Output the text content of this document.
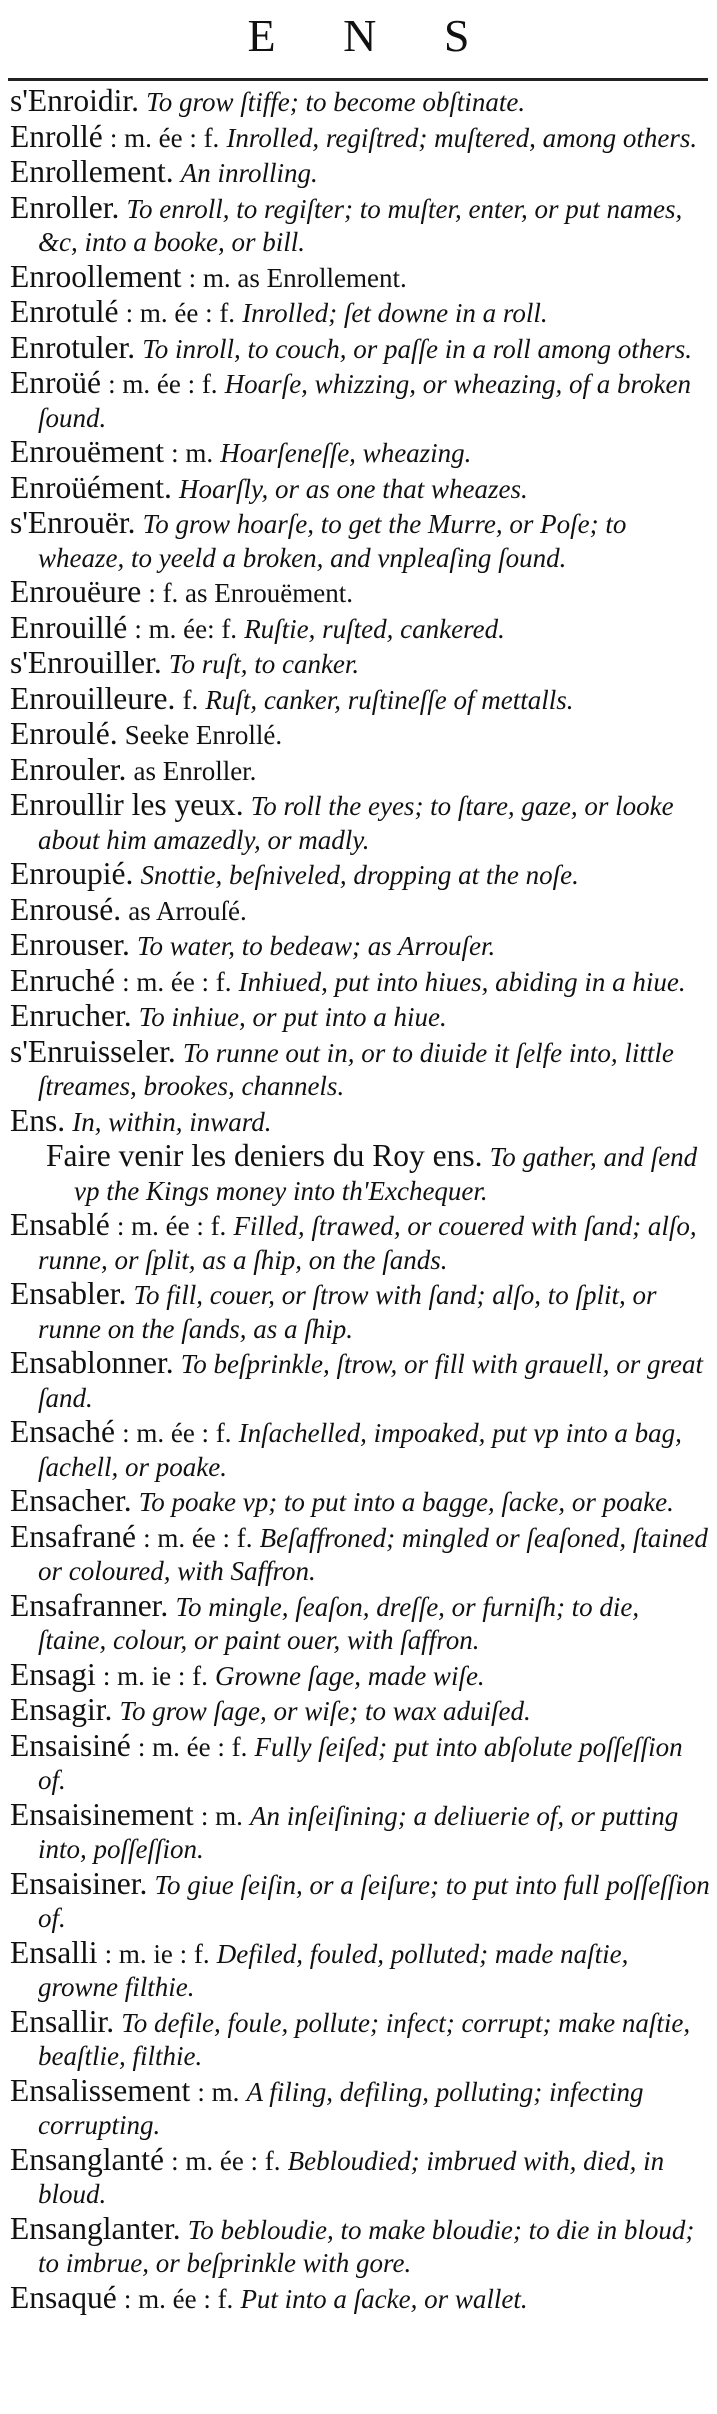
E N S

s'Enroidir. To grow ſtiffe; to become obſtinate.

Enrollé : m. ée : f. Inrolled, regiſtred; muſtered, among others.

Enrollement. An inrolling.

Enroller. To enroll, to regiſter; to muſter, enter, or put names, &c, into a booke, or bill.

Enroollement : m. as Enrollement.

Enrotulé : m. ée : f. Inrolled; ſet downe in a roll.

Enrotuler. To inroll, to couch, or paſſe in a roll among others.

Enroüé : m. ée : f. Hoarſe, whizzing, or wheazing, of a broken ſound.

Enrouëment : m. Hoarſeneſſe, wheazing.

Enroüément. Hoarſly, or as one that wheazes.

s'Enrouër. To grow hoarſe, to get the Murre, or Poſe; to wheaze, to yeeld a broken, and vnpleaſing ſound.

Enrouëure : f. as Enrouëment.

Enrouillé : m. ée: f. Ruſtie, ruſted, cankered.

s'Enrouiller. To ruſt, to canker.

Enrouilleure. f. Ruſt, canker, ruſtineſſe of mettalls.

Enroulé. Seeke Enrollé.

Enrouler. as Enroller.

Enroullir les yeux. To roll the eyes; to ſtare, gaze, or looke about him amazedly, or madly.

Enroupié. Snottie, beſniveled, dropping at the noſe.

Enrousé. as Arrouſé.

Enrouser. To water, to bedeaw; as Arrouſer.

Enruché : m. ée : f. Inhiued, put into hiues, abiding in a hiue.

Enrucher. To inhiue, or put into a hiue.

s'Enruisseler. To runne out in, or to diuide it ſelfe into, little ſtreames, brookes, channels.

Ens. In, within, inward.

Faire venir les deniers du Roy ens. To gather, and ſend vp the Kings money into th'Exchequer.

Ensablé : m. ée : f. Filled, ſtrawed, or couered with ſand; alſo, runne, or ſplit, as a ſhip, on the ſands.

Ensabler. To fill, couer, or ſtrow with ſand; alſo, to ſplit, or runne on the ſands, as a ſhip.

Ensablonner. To beſprinkle, ſtrow, or fill with grauell, or great ſand.

Ensaché : m. ée : f. Inſachelled, impoaked, put vp into a bag, ſachell, or poake.

Ensacher. To poake vp; to put into a bagge, ſacke, or poake.

Ensafrané : m. ée : f. Beſaffroned; mingled or ſeaſoned, ſtained or coloured, with Saffron.

Ensafranner. To mingle, ſeaſon, dreſſe, or furniſh; to die, ſtaine, colour, or paint ouer, with ſaffron.

Ensagi : m. ie : f. Growne ſage, made wiſe.

Ensagir. To grow ſage, or wiſe; to wax aduiſed.

Ensaisiné : m. ée : f. Fully ſeiſed; put into abſolute poſſeſſion of.

Ensaisinement : m. An inſeiſining; a deliuerie of, or putting into, poſſeſſion.

Ensaisiner. To giue ſeiſin, or a ſeiſure; to put into full poſſeſſion of.

Ensalli : m. ie : f. Defiled, fouled, polluted; made naſtie, growne filthie.

Ensallir. To defile, foule, pollute; infect; corrupt; make naſtie, beaſtlie, filthie.

Ensalissement : m. A filing, defiling, polluting; infecting corrupting.

Ensanglanté : m. ée : f. Bebloudied; imbrued with, died, in bloud.

Ensanglanter. To bebloudie, to make bloudie; to die in bloud; to imbrue, or beſprinkle with gore.

Ensaqué : m. ée : f. Put into a ſacke, or wallet.
